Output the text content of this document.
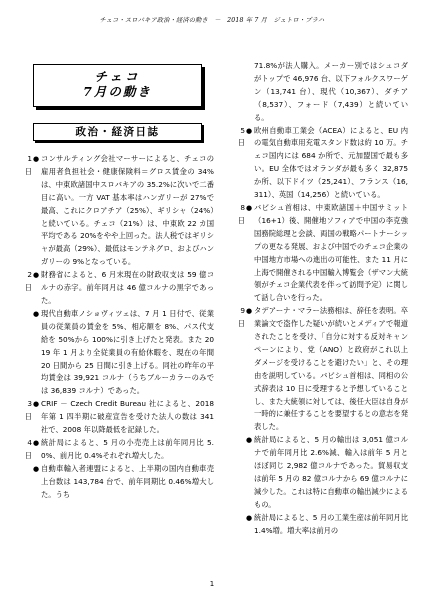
チェコ・スロバキア政治・経済の動き　－　2018 年 7 月　ジェトロ・プラハ
チェコ
7月の動き
政治・経済日誌
1 日
● コンサルティング会社マーサーによると、チェコの雇用者負担社会・健康保険料＝グロス賃金の 34%は、中東欧諸国中スロバキアの 35.2%に次いで二番目に高い。一方 VAT 基本率はハンガリーが 27%で最高、これにクロアチア（25%）、ギリシャ（24%）と続いている。チェコ（21%）は、中東欧 22 カ国平均である 20%をやや上回った。法人税ではギリシャが最高（29%）、最低はモンテネグロ、およびハンガリーの 9%となっている。
2 日
● 財務省によると、6 月末現在の財政収支は 59 億コルナの赤字。前年同月は 46 億コルナの黒字であった。
● 現代自動車ノショヴィツェは、7 月 1 日付で、従業員の従業員の賃金を 5%、相応額を 8%、パス代支給を 50%から 100%に引き上げたと発表。また 2019 年 1 月より全従業員の有給休暇を、現在の年間 20 日間から 25 日間に引き上げる。同社の昨年の平均賃金は 39,921 コルナ（うちブルーカラーのみでは 36,839 コルナ）であった。
3 日
● CRIF － Czech Credit Bureau 社によると、2018 年第 1 四半期に破産宣告を受けた法人の数は 341 社で、2008 年以降最低を記録した。
4 日
● 統計局によると、5 月の小売売上は前年同月比 5.0%、前月比 0.4%それぞれ増大した。
● 自動車輸入者連盟によると、上半期の国内自動車売上台数は 143,784 台で、前年同期比 0.46%増大した。うち
71.8%が法人購入。メーカー別ではシュコダがトップで 46,976 台、以下フォルクスワーゲン（13,741 台）、現代（10,367）、ダチア（8,537）、フォード（7,439）と続いている。
5 日
● 欧州自動車工業会（ACEA）によると、EU 内の電気自動車用充電スタンド数は約 10 万。チェコ国内には 684 か所で、元加盟国で最も多い。EU 全体ではオランダが最も多く 32,875 か所、以下ドイツ（25,241）、フランス（16,311）、英国（14,256）と続いている。
8 日
● バビシュ首相は、中東欧諸国＋中国サミット（16+1）後、開催地ソフィアで中国の李克強国務院総理と会談、両国の戦略パートナーシップの更なる発展、および中国でのチェコ企業の中国地方市場への進出の可能性、また 11 月に上海で開催される中国輸入博覧会（ザマン大統領がチェコ企業代表を伴って訪問予定）に関して話し合いを行った。
9 日
● タデアーナ・マラー法務相は、辞任を表明。卒業論文で盗作した疑いが続いとメディアで報道されたことを受け、「自分に対する反対キャンペーンにより、党（ANO）と政府がこれ以上ダメージを受けることを避けたい」と、その理由を説明している。バビシュ首相は、同相の公式辞表は 10 日に受理すると予想していることし、また大統領に対しては、後任大臣は自身が一時的に兼任することを要望するとの意志を発表した。
● 統計局によると、5 月の輸出は 3,051 億コルナで前年同月比 2.6%減、輸入は前年 5 月とほぼ同じ 2,982 億コルナであった。貿易収支は前年 5 月の 82 億コルナから 69 億コルナに減少した。これは特に自動車の輸出減少によるもの。
● 統計局によると、5 月の工業生産は前年同月比 1.4%増。増大率は前月の
1
